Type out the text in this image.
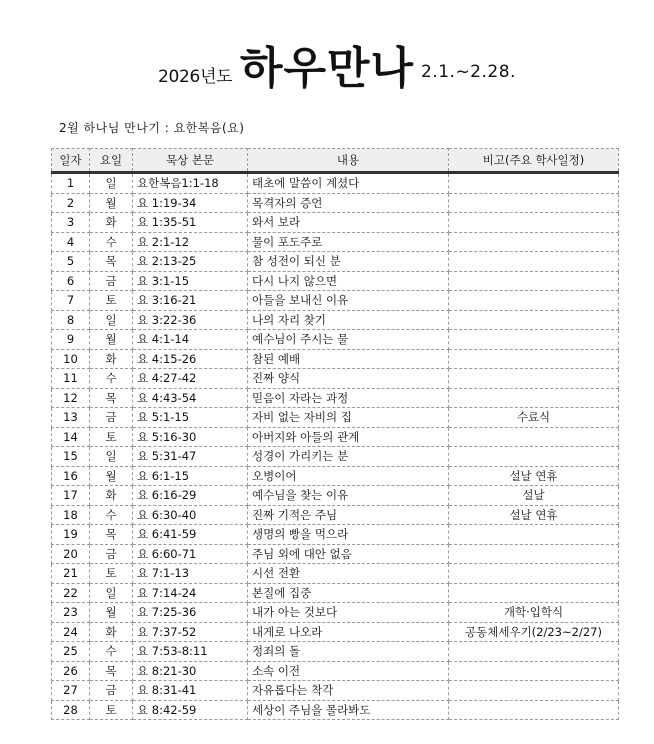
2026년도 하우만나 2.1.~2.28.
2월 하나님 만나기 : 요한복음(요)
일자	요일	묵상 본문	내용	비고(주요 학사일정)
1	일	요한복음1:1-18	태초에 말씀이 계셨다	
2	월	요 1:19-34	목격자의 증언	
3	화	요 1:35-51	와서 보라	
4	수	요 2:1-12	물이 포도주로	
5	목	요 2:13-25	참 성전이 되신 분	
6	금	요 3:1-15	다시 나지 않으면	
7	토	요 3:16-21	아들을 보내신 이유	
8	일	요 3:22-36	나의 자리 찾기	
9	월	요 4:1-14	예수님이 주시는 물	
10	화	요 4:15-26	참된 예배	
11	수	요 4:27-42	진짜 양식	
12	목	요 4:43-54	믿음이 자라는 과정	
13	금	요 5:1-15	자비 없는 자비의 집	수료식
14	토	요 5:16-30	아버지와 아들의 관계	
15	일	요 5:31-47	성경이 가리키는 분	
16	월	요 6:1-15	오병이어	설날 연휴
17	화	요 6:16-29	예수님을 찾는 이유	설날
18	수	요 6:30-40	진짜 기적은 주님	설날 연휴
19	목	요 6:41-59	생명의 빵을 먹으라	
20	금	요 6:60-71	주님 외에 대안 없음	
21	토	요 7:1-13	시선 전환	
22	일	요 7:14-24	본질에 집중	
23	월	요 7:25-36	내가 아는 것보다	개학·입학식
24	화	요 7:37-52	내게로 나오라	공동체세우기(2/23~2/27)
25	수	요 7:53-8:11	정죄의 돌	
26	목	요 8:21-30	소속 이전	
27	금	요 8:31-41	자유롭다는 착각	
28	토	요 8:42-59	세상이 주님을 몰라봐도	
